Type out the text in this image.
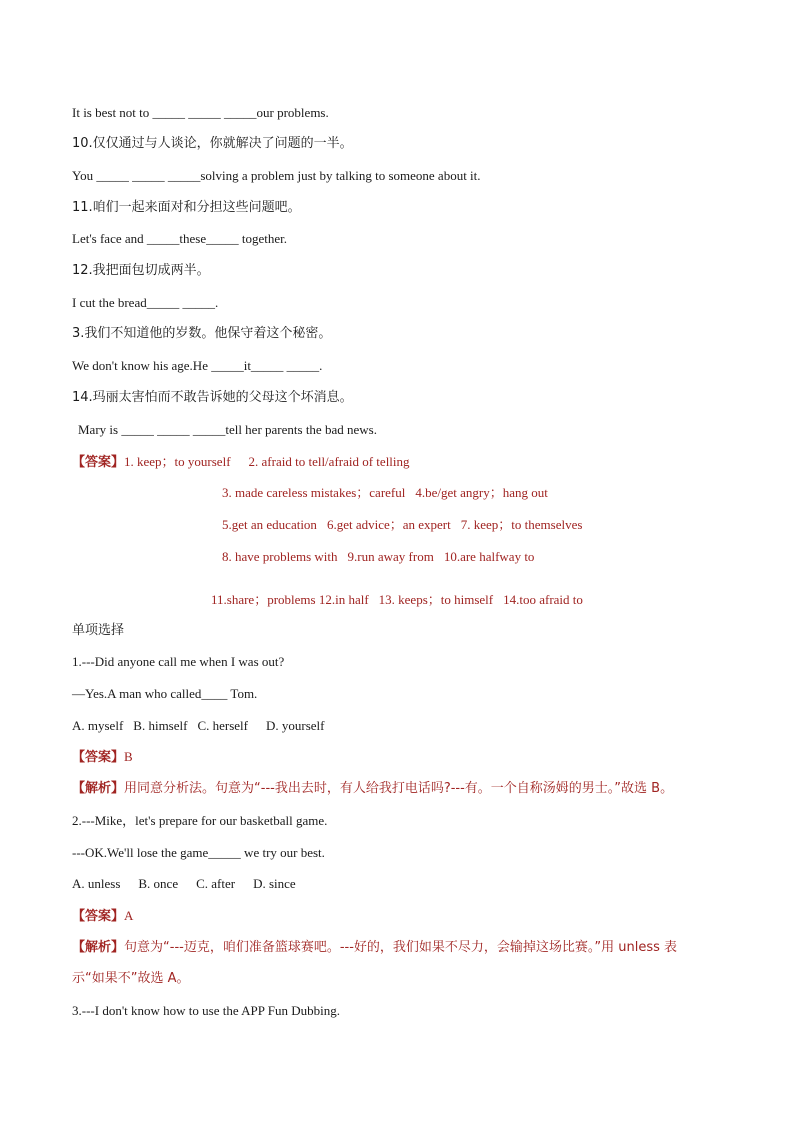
It is best not to _____ _____ _____our problems.
10.仅仅通过与人谈论，你就解决了问题的一半。
You _____ _____ _____solving a problem just by talking to someone about it.
11.咱们一起来面对和分担这些问题吧。
Let's face and _____these_____ together.
12.我把面包切成两半。
I cut the bread_____ _____.
3.我们不知道他的岁数。他保守着这个秘密。
We don't know his age.He _____it_____ _____.
14.玛丽太害怕而不敢告诉她的父母这个坏消息。
Mary is _____ _____ _____tell her parents the bad news.
【答案】1. keep；to yourself 2. afraid to tell/afraid of telling
3. made careless mistakes；careful 4.be/get angry；hang out
5.get an education 6.get advice；an expert 7. keep；to themselves
8. have problems with 9.run away from 10.are halfway to
11.share；problems 12.in half 13. keeps；to himself 14.too afraid to
单项选择
1.---Did anyone call me when I was out?
—Yes.A man who called____ Tom.
A. myself B. himself C. herself D. yourself
【答案】B
【解析】用同意分析法。句意为“---我出去时，有人给我打电话吗?---有。一个自称汤姆的男士。”故选 B。
2.---Mike，let's prepare for our basketball game.
---OK.We'll lose the game_____ we try our best.
A. unless B. once C. after D. since
【答案】A
【解析】句意为“---迈克，咱们准备篮球赛吧。---好的，我们如果不尽力，会输掉这场比赛。”用 unless 表
示“如果不”故选 A。
3.---I don't know how to use the APP Fun Dubbing.
